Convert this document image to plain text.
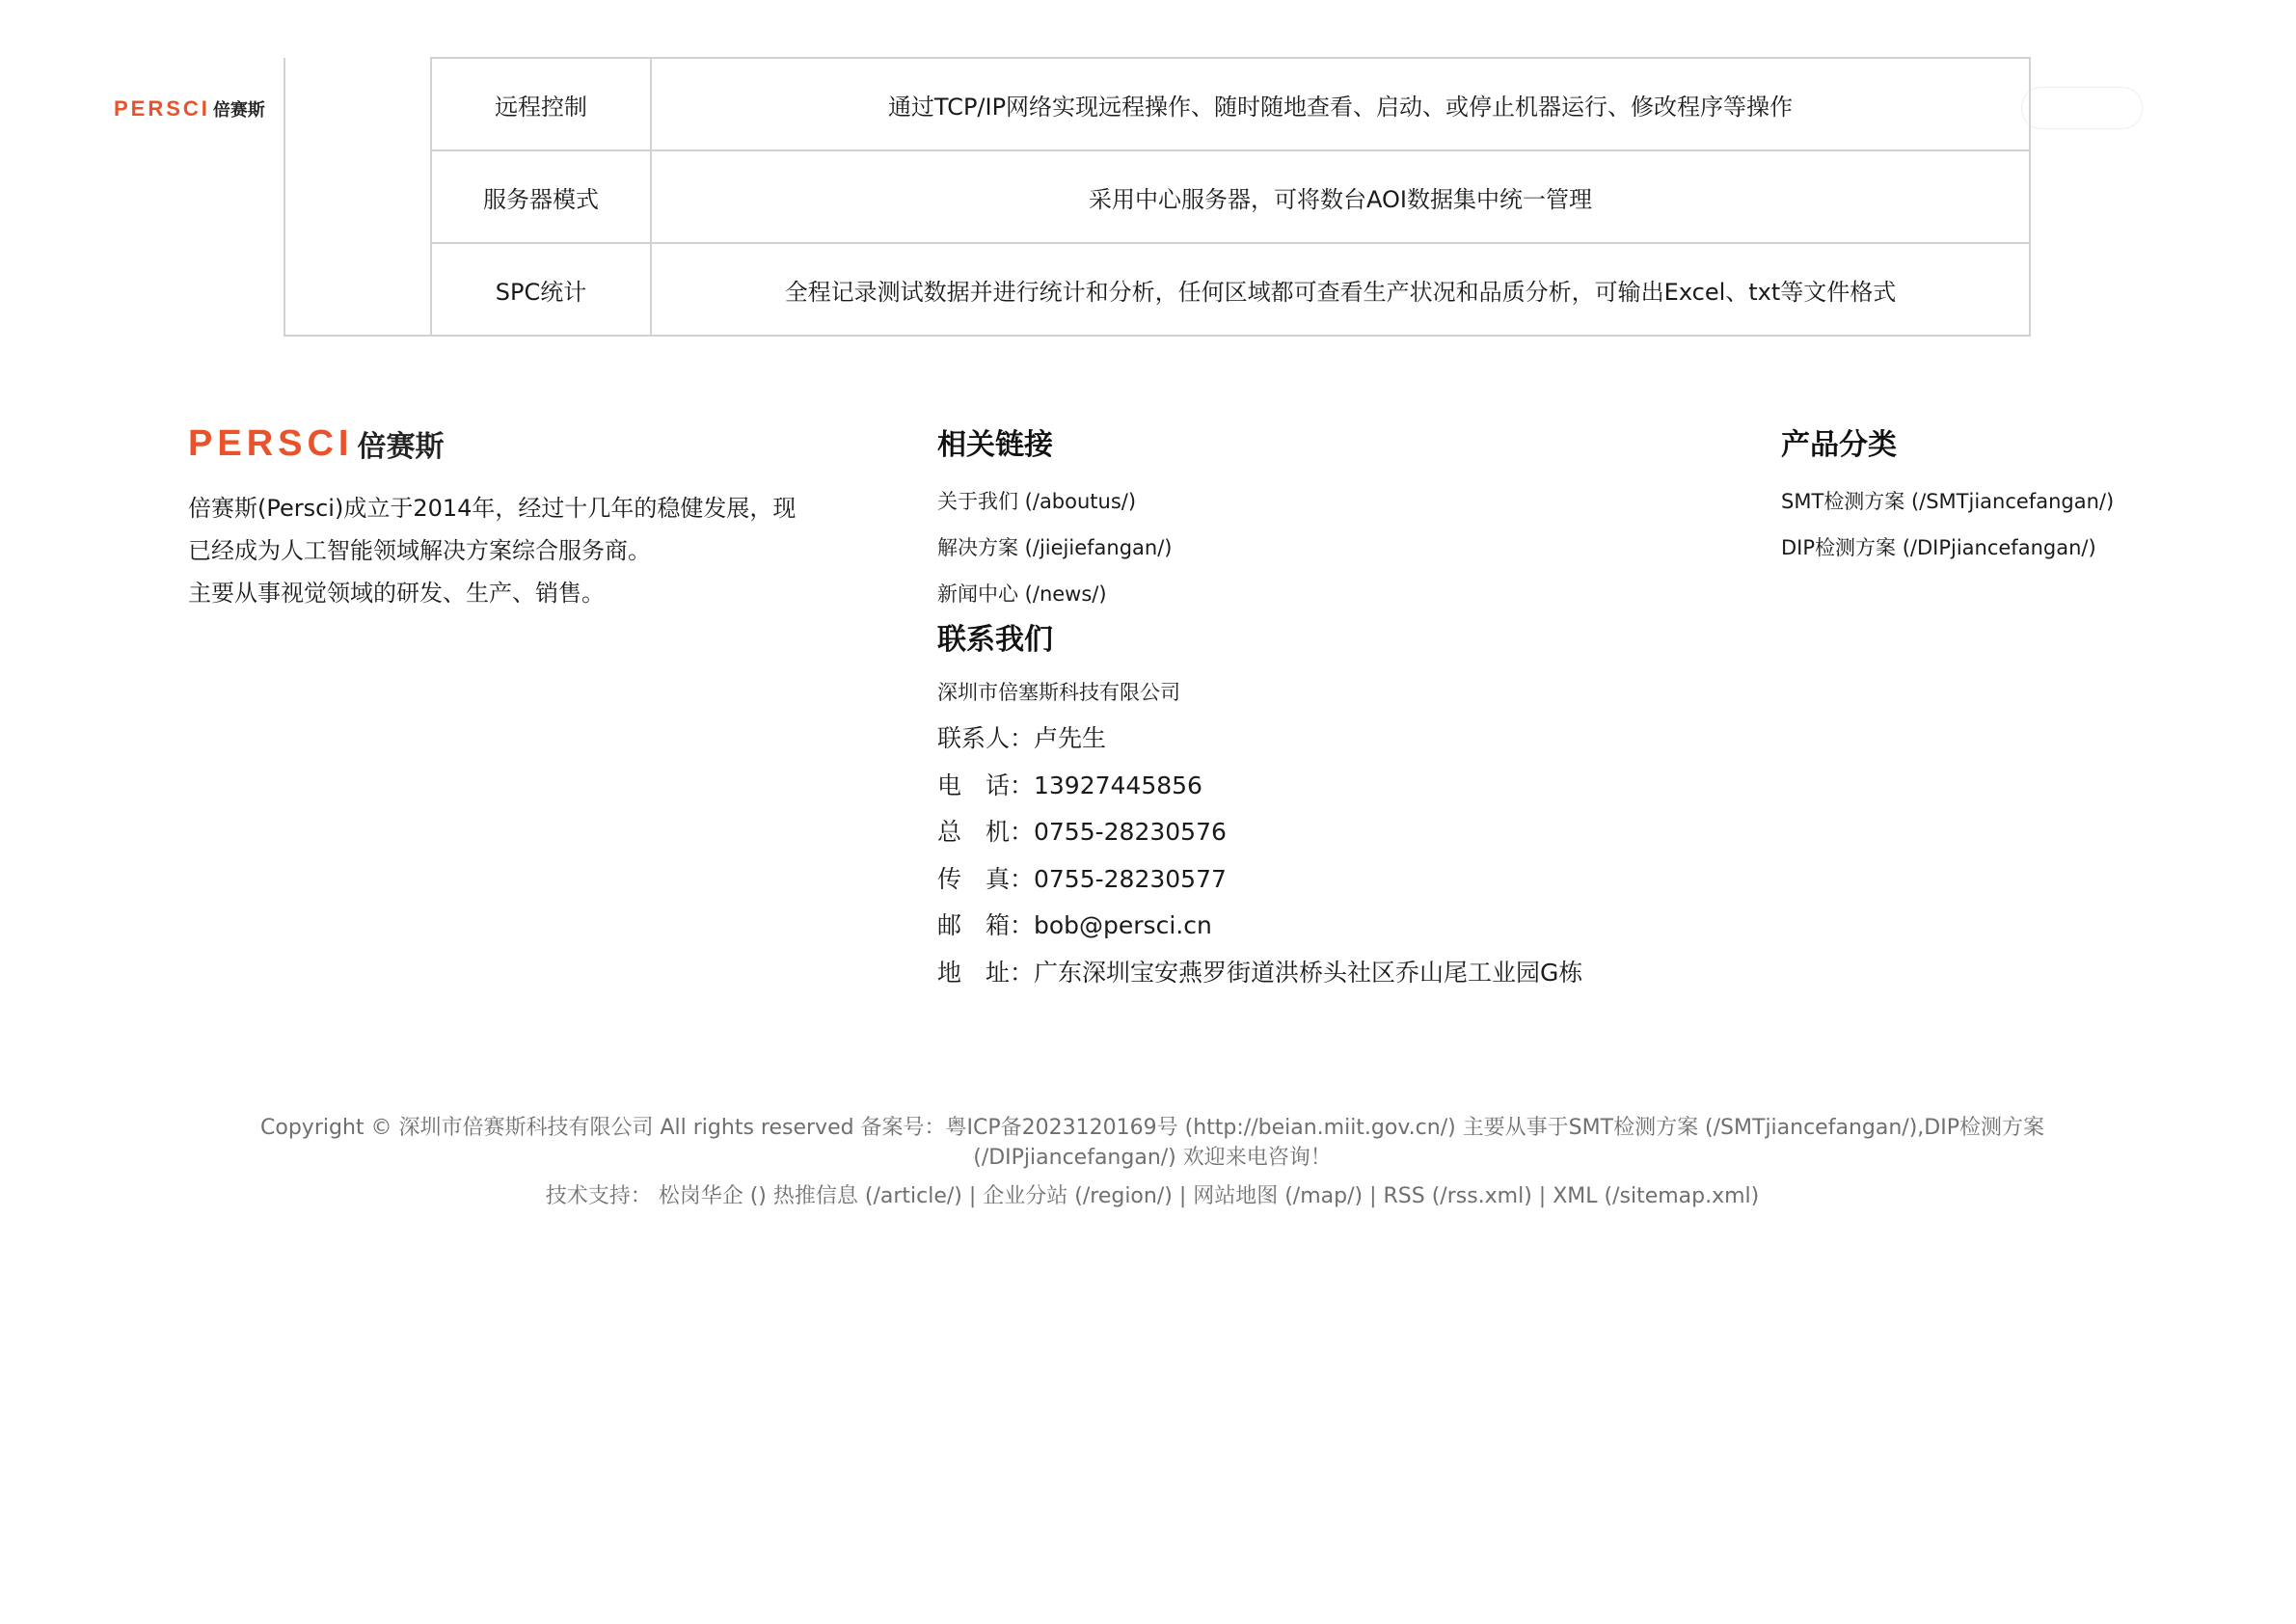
PERSCI 倍赛斯
		远程控制	通过TCP/IP网络实现远程操作、随时随地查看、启动、或停止机器运行、修改程序等操作
	服务器模式	采用中心服务器，可将数台AOI数据集中统一管理
	SPC统计	全程记录测试数据并进行统计和分析，任何区域都可查看生产状况和品质分析，可输出Excel、txt等文件格式
PERSCI 倍赛斯

倍赛斯(Persci)成立于2014年，经过十几年的稳健发展，现

已经成为人工智能领域解决方案综合服务商。

主要从事视觉领域的研发、生产、销售。

相关链接
关于我们 (/aboutus/)
解决方案 (/jiejiefangan/)
新闻中心 (/news/)
产品分类
SMT检测方案 (/SMTjiancefangan/)
DIP检测方案 (/DIPjiancefangan/)
联系我们
深圳市倍塞斯科技有限公司
联系人：卢先生
电　话：13927445856
总　机：0755-28230576
传　真：0755-28230577
邮　箱：bob@persci.cn
地　址：广东深圳宝安燕罗街道洪桥头社区乔山尾工业园G栋
Copyright © 深圳市倍赛斯科技有限公司 All rights reserved 备案号：粤ICP备2023120169号 (http://beian.miit.gov.cn/) 主要从事于SMT检测方案 (/SMTjiancefangan/),DIP检测方案 (/DIPjiancefangan/) 欢迎来电咨询！
技术支持： 松岗华企 () 热推信息 (/article/) | 企业分站 (/region/) | 网站地图 (/map/) | RSS (/rss.xml) | XML (/sitemap.xml)
